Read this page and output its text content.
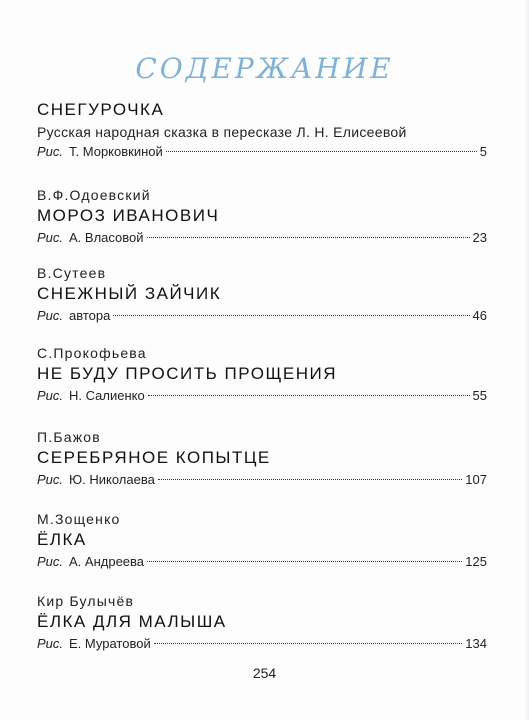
СОДЕРЖАНИЕ
СНЕГУРОЧКА
Русская народная сказка в пересказе Л. Н. Елисеевой
Рис. Т. Морковкиной	5
В.Ф.Одоевский
МОРОЗ ИВАНОВИЧ
Рис. А. Власовой	23
В.Сутеев
СНЕЖНЫЙ ЗАЙЧИК
Рис. автора	46
С.Прокофьева
НЕ БУДУ ПРОСИТЬ ПРОЩЕНИЯ
Рис. Н. Салиенко	55
П.Бажов
СЕРЕБРЯНОЕ КОПЫТЦЕ
Рис. Ю. Николаева	107
М.Зощенко
ЁЛКА
Рис. А. Андреева	125
Кир Булычёв
ЁЛКА ДЛЯ МАЛЫША
Рис. Е. Муратовой	134
254
